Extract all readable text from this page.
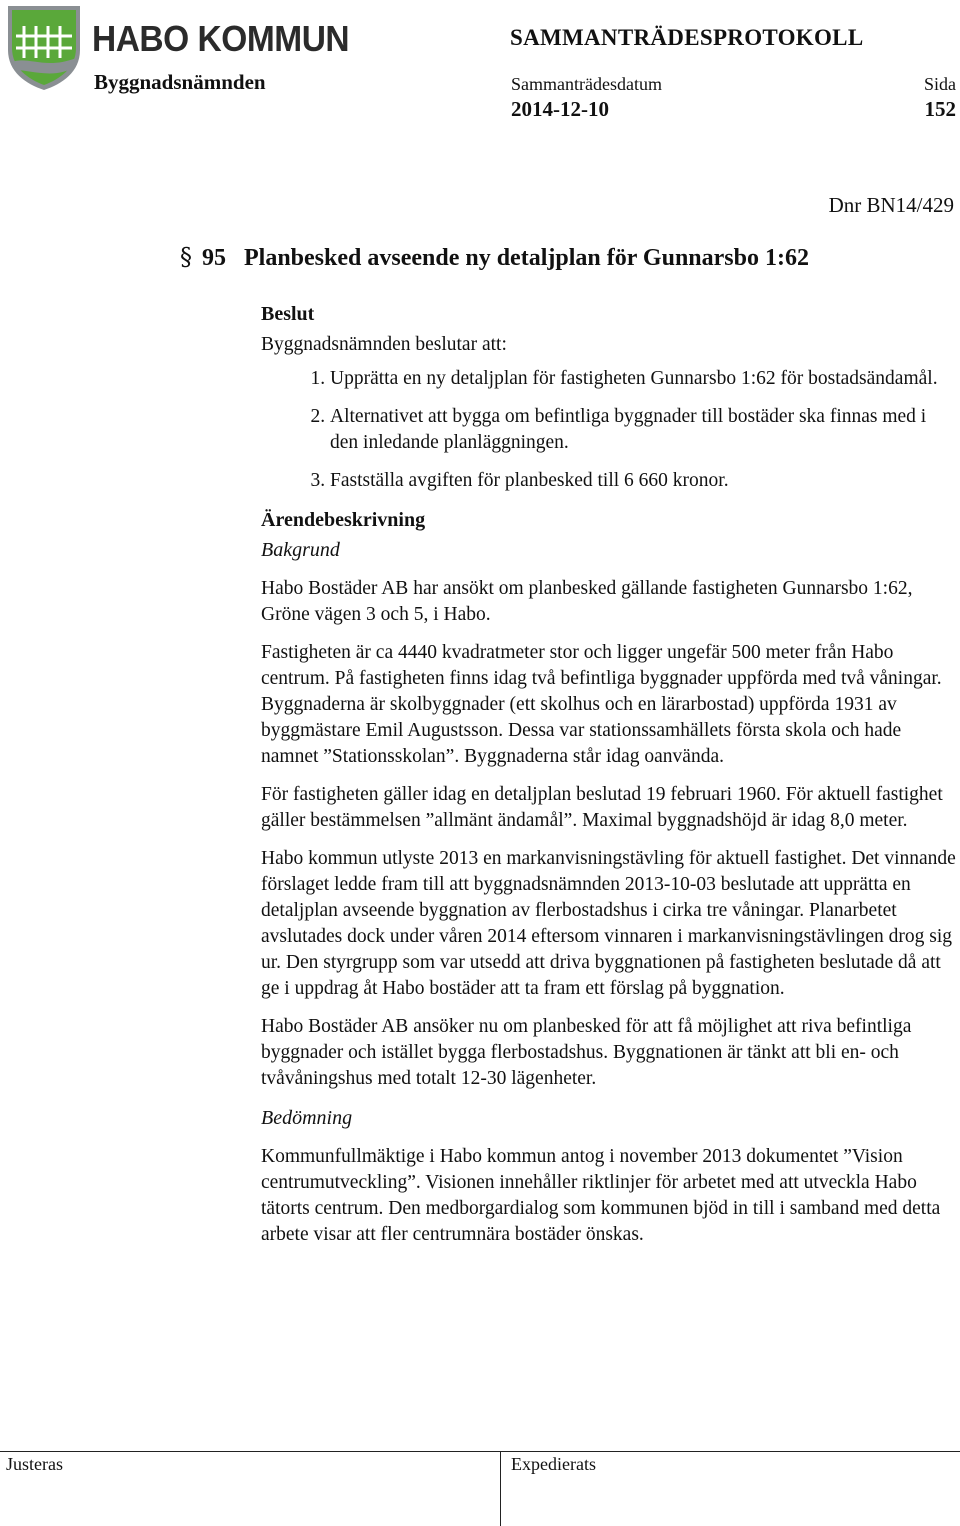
HABO KOMMUN	SAMMANTRÄDESPROTOKOLL
Byggnadsnämnden	Sammanträdesdatum
2014-12-10
Sida
152
Dnr BN14/429
§ 95 Planbesked avseende ny detaljplan för Gunnarsbo 1:62
Beslut
Byggnadsnämnden beslutar att:
1. Upprätta en ny detaljplan för fastigheten Gunnarsbo 1:62 för bostadsändamål.
2. Alternativet att bygga om befintliga byggnader till bostäder ska finnas med i den inledande planläggningen.
3. Fastställa avgiften för planbesked till 6 660 kronor.
Ärendebeskrivning
Bakgrund

Habo Bostäder AB har ansökt om planbesked gällande fastigheten Gunnarsbo 1:62, Gröne vägen 3 och 5, i Habo.

Fastigheten är ca 4440 kvadratmeter stor och ligger ungefär 500 meter från Habo centrum. På fastigheten finns idag två befintliga byggnader uppförda med två våningar. Byggnaderna är skolbyggnader (ett skolhus och en lärarbostad) uppförda 1931 av byggmästare Emil Augustsson. Dessa var stationssamhällets första skola och hade namnet ”Stationsskolan”. Byggnaderna står idag oanvända.

För fastigheten gäller idag en detaljplan beslutad 19 februari 1960. För aktuell fastighet gäller bestämmelsen ”allmänt ändamål”. Maximal byggnadshöjd är idag 8,0 meter.

Habo kommun utlyste 2013 en markanvisningstävling för aktuell fastighet. Det vinnande förslaget ledde fram till att byggnadsnämnden 2013-10-03 beslutade att upprätta en detaljplan avseende byggnation av flerbostadshus i cirka tre våningar. Planarbetet avslutades dock under våren 2014 eftersom vinnaren i markanvisningstävlingen drog sig ur. Den styrgrupp som var utsedd att driva byggnationen på fastigheten beslutade då att ge i uppdrag åt Habo bostäder att ta fram ett förslag på byggnation.

Habo Bostäder AB ansöker nu om planbesked för att få möjlighet att riva befintliga byggnader och istället bygga flerbostadshus. Byggnationen är tänkt att bli en- och tvåvåningshus med totalt 12-30 lägenheter.

Bedömning

Kommunfullmäktige i Habo kommun antog i november 2013 dokumentet ”Vision centrumutveckling”. Visionen innehåller riktlinjer för arbetet med att utveckla Habo tätorts centrum. Den medborgardialog som kommunen bjöd in till i samband med detta arbete visar att fler centrumnära bostäder önskas.

Justeras	Expedierats
